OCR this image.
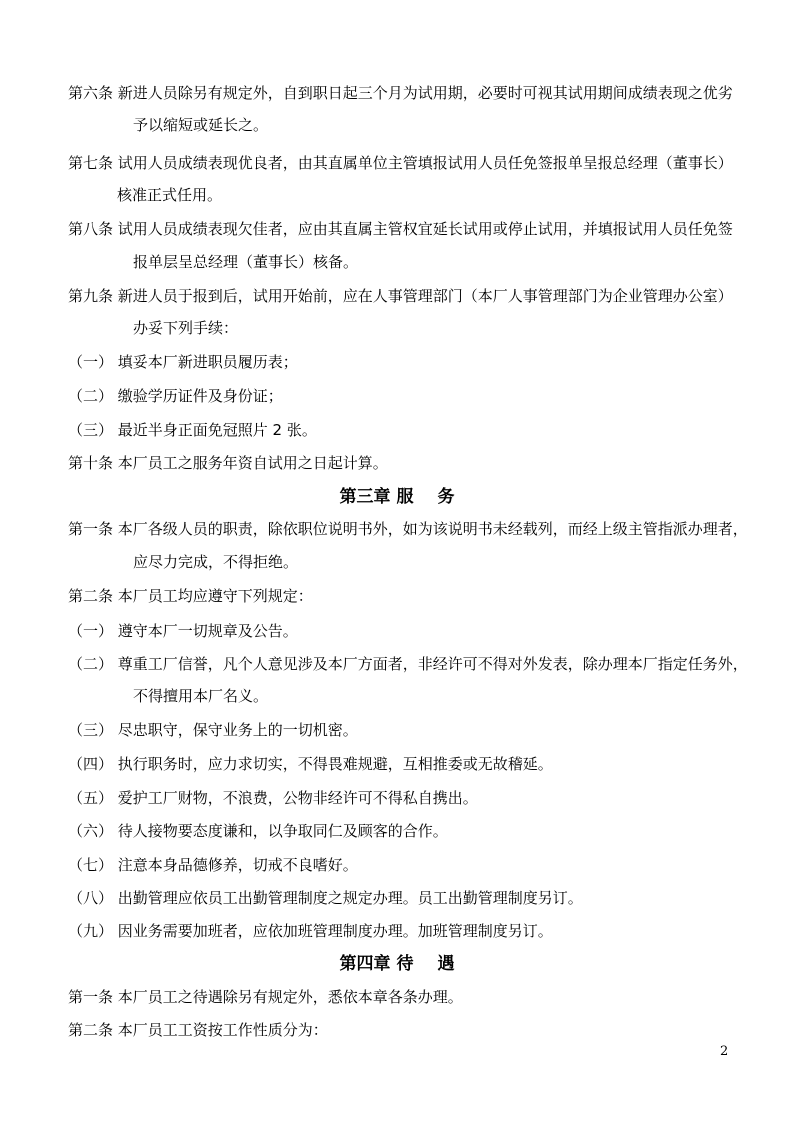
第六条 新进人员除另有规定外，自到职日起三个月为试用期，必要时可视其试用期间成绩表现之优劣
予以缩短或延长之。
第七条 试用人员成绩表现优良者，由其直属单位主管填报试用人员任免签报单呈报总经理（董事长）
核准正式任用。
第八条 试用人员成绩表现欠佳者，应由其直属主管权宜延长试用或停止试用，并填报试用人员任免签
报单层呈总经理（董事长）核备。
第九条 新进人员于报到后，试用开始前，应在人事管理部门（本厂人事管理部门为企业管理办公室）
办妥下列手续：
（一） 填妥本厂新进职员履历表；
（二） 缴验学历证件及身份证；
（三） 最近半身正面免冠照片 2 张。
第十条 本厂员工之服务年资自试用之日起计算。
第三章 服 务
第一条 本厂各级人员的职责，除依职位说明书外，如为该说明书未经载列，而经上级主管指派办理者，
应尽力完成，不得拒绝。
第二条 本厂员工均应遵守下列规定：
（一） 遵守本厂一切规章及公告。
（二） 尊重工厂信誉，凡个人意见涉及本厂方面者，非经许可不得对外发表，除办理本厂指定任务外，
不得擅用本厂名义。
（三） 尽忠职守，保守业务上的一切机密。
（四） 执行职务时，应力求切实，不得畏难规避，互相推委或无故稽延。
（五） 爱护工厂财物，不浪费，公物非经许可不得私自携出。
（六） 待人接物要态度谦和，以争取同仁及顾客的合作。
（七） 注意本身品德修养，切戒不良嗜好。
（八） 出勤管理应依员工出勤管理制度之规定办理。员工出勤管理制度另订。
（九） 因业务需要加班者，应依加班管理制度办理。加班管理制度另订。
第四章 待 遇
第一条 本厂员工之待遇除另有规定外，悉依本章各条办理。
第二条 本厂员工工资按工作性质分为：
2
